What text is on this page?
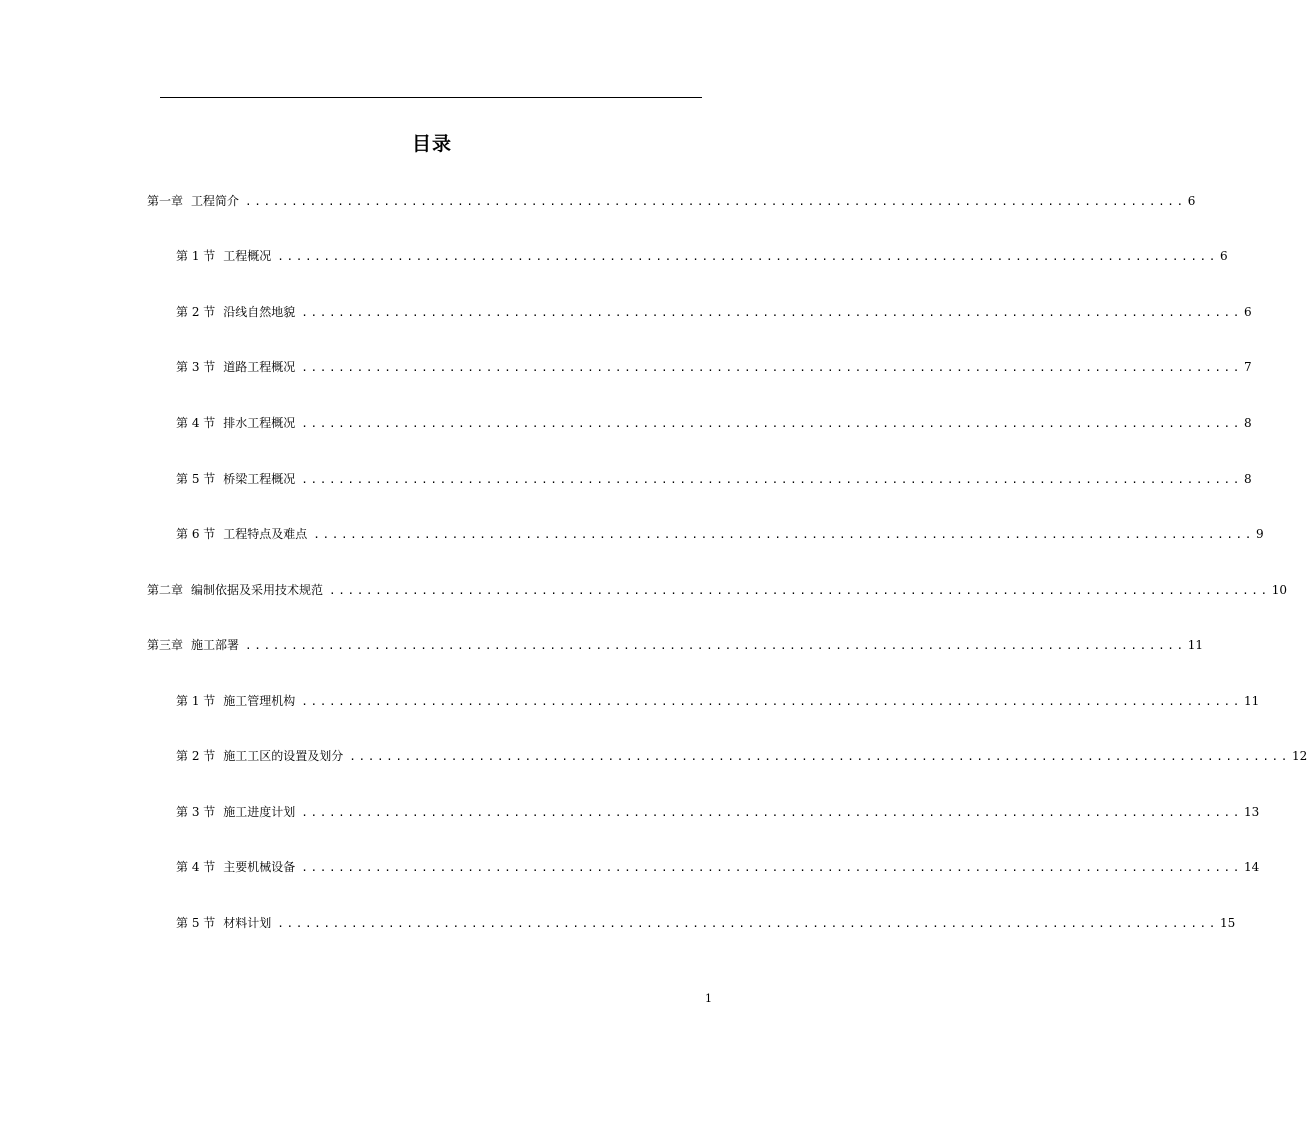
目录
第一章 工程简介 ...................................................................................................... 6
第 1 节 工程概况 ...................................................................................................... 6
第 2 节 沿线自然地貌 ...................................................................................................... 6
第 3 节 道路工程概况 ...................................................................................................... 7
第 4 节 排水工程概况 ...................................................................................................... 8
第 5 节 桥梁工程概况 ...................................................................................................... 8
第 6 节 工程特点及难点 ...................................................................................................... 9
第二章 编制依据及采用技术规范 ...................................................................................................... 10
第三章 施工部署 ...................................................................................................... 11
第 1 节 施工管理机构 ...................................................................................................... 11
第 2 节 施工工区的设置及划分 ...................................................................................................... 12
第 3 节 施工进度计划 ...................................................................................................... 13
第 4 节 主要机械设备 ...................................................................................................... 14
第 5 节 材料计划 ...................................................................................................... 15
1
